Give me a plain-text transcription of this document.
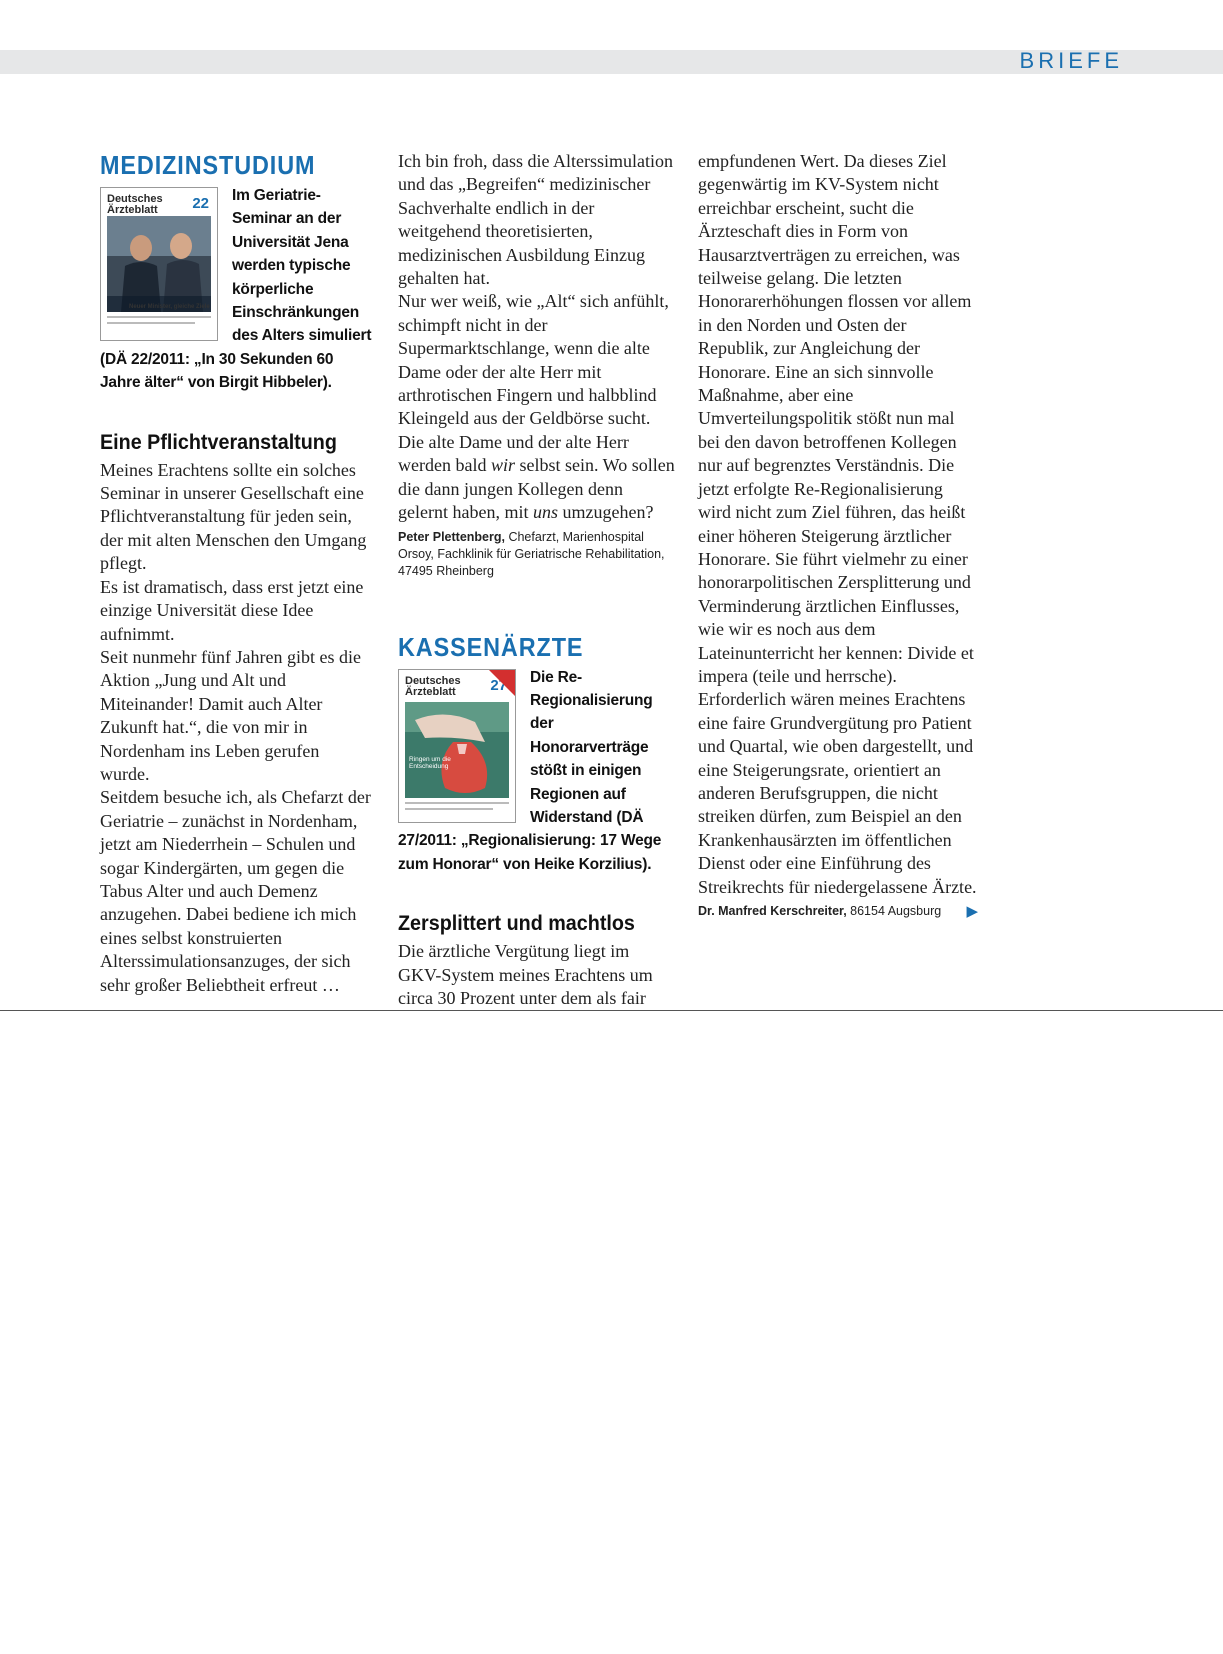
BRIEFE
MEDIZINSTUDIUM
Deutsches
Ärzteblatt	22
Neuer Minister, gleiche Ziele

Im Geriatrie-Seminar an der Universität Jena werden typische körperliche Einschränkungen des Alters simuliert (DÄ 22/2011: „In 30 Sekunden 60 Jahre älter“ von Birgit Hibbeler).

Eine Pflichtveranstaltung

Meines Erachtens sollte ein solches Seminar in unserer Gesellschaft eine Pflichtveranstaltung für jeden sein, der mit alten Menschen den Umgang pflegt.

Es ist dramatisch, dass erst jetzt eine einzige Universität diese Idee aufnimmt.

Seit nunmehr fünf Jahren gibt es die Aktion „Jung und Alt und Miteinander! Damit auch Alter Zukunft hat.“, die von mir in Nordenham ins Leben gerufen wurde.

Seitdem besuche ich, als Chefarzt der Geriatrie – zunächst in Nordenham, jetzt am Niederrhein – Schulen und sogar Kindergärten, um gegen die Tabus Alter und auch Demenz anzugehen. Dabei bediene ich mich eines selbst konstruierten Alterssimulationsanzuges, der sich sehr großer Beliebtheit erfreut …

Ich bin froh, dass die Alterssimulation und das „Begreifen“ medizinischer Sachverhalte endlich in der weitgehend theoretisierten, medizinischen Ausbildung Einzug gehalten hat.

Nur wer weiß, wie „Alt“ sich anfühlt, schimpft nicht in der Supermarktschlange, wenn die alte Dame oder der alte Herr mit arthrotischen Fingern und halbblind Kleingeld aus der Geldbörse sucht.

Die alte Dame und der alte Herr werden bald wir selbst sein. Wo sollen die dann jungen Kollegen denn gelernt haben, mit uns umzugehen?

Peter Plettenberg, Chefarzt, Marienhospital Orsoy, Fachklinik für Geriatrische Rehabilitation, 47495 Rheinberg

KASSENÄRZTE
Deutsches
Ärzteblatt	27
Ringen um die Entscheidung

Die Re-Regionalisierung der Honorarverträge stößt in einigen Regionen auf Widerstand (DÄ 27/2011: „Regionalisierung: 17 Wege zum Honorar“ von Heike Korzilius).

Zersplittert und machtlos

Die ärztliche Vergütung liegt im GKV-System meines Erachtens um circa 30 Prozent unter dem als fair

empfundenen Wert. Da dieses Ziel gegenwärtig im KV-System nicht erreichbar erscheint, sucht die Ärzteschaft dies in Form von Hausarztverträgen zu erreichen, was teilweise gelang. Die letzten Honorarerhöhungen flossen vor allem in den Norden und Osten der Republik, zur Angleichung der Honorare. Eine an sich sinnvolle Maßnahme, aber eine Umverteilungspolitik stößt nun mal bei den davon betroffenen Kollegen nur auf begrenztes Verständnis. Die jetzt erfolgte Re-Regionalisierung wird nicht zum Ziel führen, das heißt einer höheren Steigerung ärztlicher Honorare. Sie führt vielmehr zu einer honorarpolitischen Zersplitterung und Verminderung ärztlichen Einflusses, wie wir es noch aus dem Lateinunterricht her kennen: Divide et impera (teile und herrsche).

Erforderlich wären meines Erachtens eine faire Grundvergütung pro Patient und Quartal, wie oben dargestellt, und eine Steigerungsrate, orientiert an anderen Berufsgruppen, die nicht streiken dürfen, zum Beispiel an den Krankenhausärzten im öffentlichen Dienst oder eine Einführung des Streikrechts für niedergelassene Ärzte.

Dr. Manfred Kerschreiter, 86154 Augsburg ▶
